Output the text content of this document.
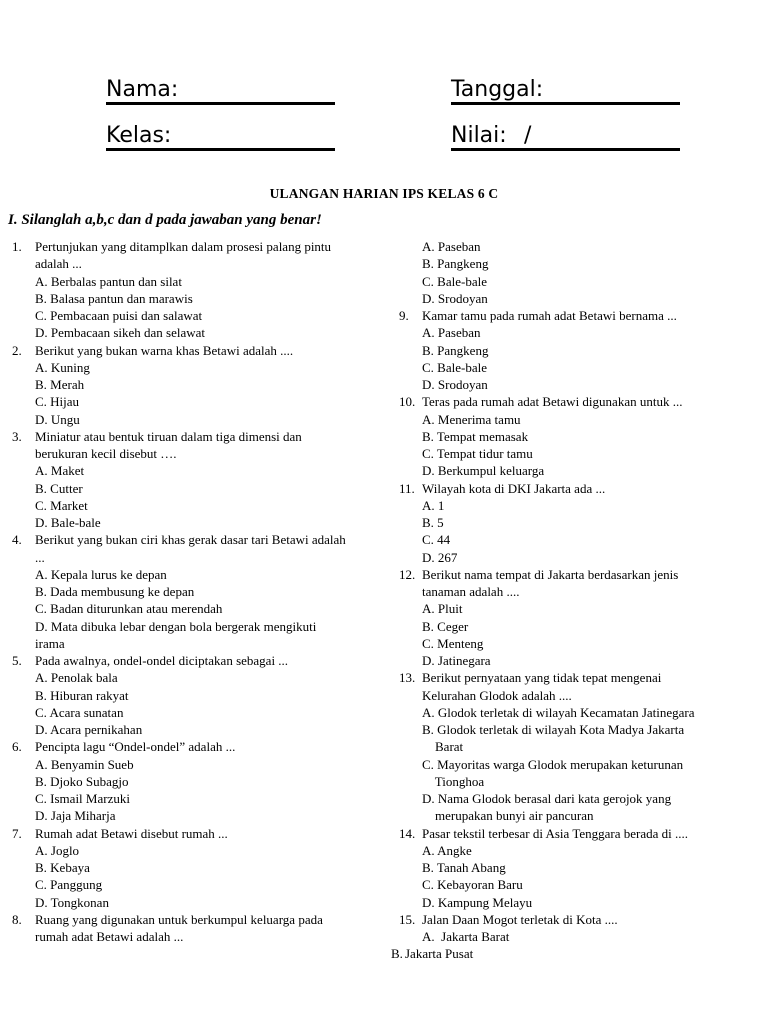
Nama:	Tanggal:
Kelas:	Nilai: /
ULANGAN HARIAN IPS KELAS 6 C
I. Silanglah a,b,c dan d pada jawaban yang benar!
1. Pertunjukan yang ditamplkan dalam prosesi palang pintu
adalah ...
A. Berbalas pantun dan silat
B. Balasa pantun dan marawis
C. Pembacaan puisi dan salawat
D. Pembacaan sikeh dan selawat
2. Berikut yang bukan warna khas Betawi adalah ....
A. Kuning
B. Merah
C. Hijau
D. Ungu
3. Miniatur atau bentuk tiruan dalam tiga dimensi dan
berukuran kecil disebut ….
A. Maket
B. Cutter
C. Market
D. Bale-bale
4. Berikut yang bukan ciri khas gerak dasar tari Betawi adalah
...
A. Kepala lurus ke depan
B. Dada membusung ke depan
C. Badan diturunkan atau merendah
D. Mata dibuka lebar dengan bola bergerak mengikuti
irama
5. Pada awalnya, ondel-ondel diciptakan sebagai ...
A. Penolak bala
B. Hiburan rakyat
C. Acara sunatan
D. Acara pernikahan
6. Pencipta lagu “Ondel-ondel” adalah ...
A. Benyamin Sueb
B. Djoko Subagjo
C. Ismail Marzuki
D. Jaja Miharja
7. Rumah adat Betawi disebut rumah ...
A. Joglo
B. Kebaya
C. Panggung
D. Tongkonan
8. Ruang yang digunakan untuk berkumpul keluarga pada
rumah adat Betawi adalah ...
A. Paseban
B. Pangkeng
C. Bale-bale
D. Srodoyan
9. Kamar tamu pada rumah adat Betawi bernama ...
A. Paseban
B. Pangkeng
C. Bale-bale
D. Srodoyan
10. Teras pada rumah adat Betawi digunakan untuk ...
A. Menerima tamu
B. Tempat memasak
C. Tempat tidur tamu
D. Berkumpul keluarga
11. Wilayah kota di DKI Jakarta ada ...
A. 1
B. 5
C. 44
D. 267
12. Berikut nama tempat di Jakarta berdasarkan jenis
tanaman adalah ....
A. Pluit
B. Ceger
C. Menteng
D. Jatinegara
13. Berikut pernyataan yang tidak tepat mengenai
Kelurahan Glodok adalah ....
A. Glodok terletak di wilayah Kecamatan Jatinegara
B. Glodok terletak di wilayah Kota Madya Jakarta
Barat
C. Mayoritas warga Glodok merupakan keturunan
Tionghoa
D. Nama Glodok berasal dari kata gerojok yang
merupakan bunyi air pancuran
14. Pasar tekstil terbesar di Asia Tenggara berada di ....
A. Angke
B. Tanah Abang
C. Kebayoran Baru
D. Kampung Melayu
15. Jalan Daan Mogot terletak di Kota ....
A.  Jakarta Barat
B. Jakarta Pusat
